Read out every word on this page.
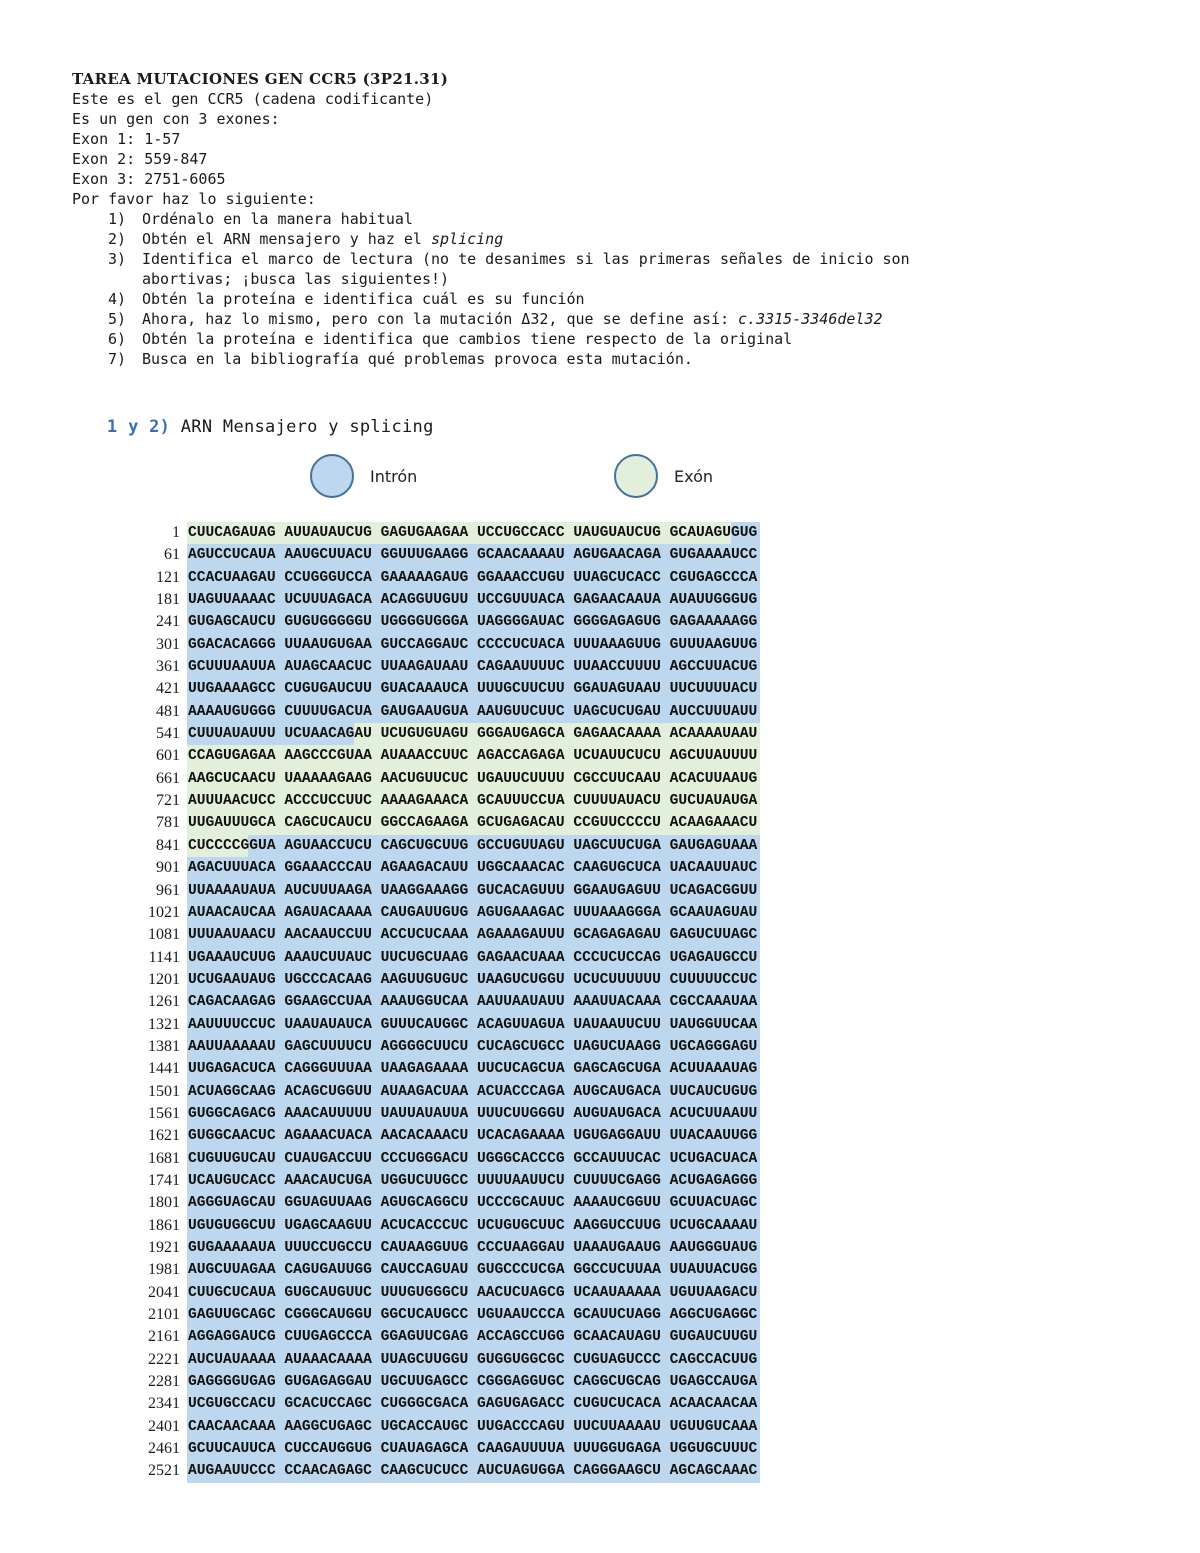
TAREA MUTACIONES GEN CCR5 (3P21.31)
Este es el gen CCR5 (cadena codificante)
Es un gen con 3 exones:
Exon 1: 1-57
Exon 2: 559-847
Exon 3: 2751-6065
Por favor haz lo siguiente:
1) Ordénalo en la manera habitual
2) Obtén el ARN mensajero y haz el splicing
3) Identifica el marco de lectura (no te desanimes si las primeras señales de inicio son
abortivas; ¡busca las siguientes!)
4) Obtén la proteína e identifica cuál es su función
5) Ahora, haz lo mismo, pero con la mutación Δ32, que se define así: c.3315-3346del32
6) Obtén la proteína e identifica que cambios tiene respecto de la original
7) Busca en la bibliografía qué problemas provoca esta mutación.
1 y 2) ARN Mensajero y splicing
Intrón	Exón
1 CUUCAGAUAG AUUAUAUCUG GAGUGAAGAA UCCUGCCACC UAUGUAUCUG GCAUAGUGUG
61 AGUCCUCAUA AAUGCUUACU GGUUUGAAGG GCAACAAAAU AGUGAACAGA GUGAAAAUCC
121 CCACUAAGAU CCUGGGUCCA GAAAAAGAUG GGAAACCUGU UUAGCUCACC CGUGAGCCCA
181 UAGUUAAAAC UCUUUAGACA ACAGGUUGUU UCCGUUUACA GAGAACAAUA AUAUUGGGUG
241 GUGAGCAUCU GUGUGGGGGU UGGGGUGGGA UAGGGGAUAC GGGGAGAGUG GAGAAAAAGG
301 GGACACAGGG UUAAUGUGAA GUCCAGGAUC CCCCUCUACA UUUAAAGUUG GUUUAAGUUG
361 GCUUUAAUUA AUAGCAACUC UUAAGAUAAU CAGAAUUUUC UUAACCUUUU AGCCUUACUG
421 UUGAAAAGCC CUGUGAUCUU GUACAAAUCA UUUGCUUCUU GGAUAGUAAU UUCUUUUACU
481 AAAAUGUGGG CUUUUGACUA GAUGAAUGUA AAUGUUCUUC UAGCUCUGAU AUCCUUUAUU
541 CUUUAUAUUU UCUAACAGAU UCUGUGUAGU GGGAUGAGCA GAGAACAAAA ACAAAAUAAU
601 CCAGUGAGAA AAGCCCGUAA AUAAACCUUC AGACCAGAGA UCUAUUCUCU AGCUUAUUUU
661 AAGCUCAACU UAAAAAGAAG AACUGUUCUC UGAUUCUUUU CGCCUUCAAU ACACUUAAUG
721 AUUUAACUCC ACCCUCCUUC AAAAGAAACA GCAUUUCCUA CUUUUAUACU GUCUAUAUGA
781 UUGAUUUGCA CAGCUCAUCU GGCCAGAAGA GCUGAGACAU CCGUUCCCCU ACAAGAAACU
841 CUCCCCGGUA AGUAACCUCU CAGCUGCUUG GCCUGUUAGU UAGCUUCUGA GAUGAGUAAA
901 AGACUUUACA GGAAACCCAU AGAAGACAUU UGGCAAACAC CAAGUGCUCA UACAAUUAUC
961 UUAAAAUAUA AUCUUUAAGA UAAGGAAAGG GUCACAGUUU GGAAUGAGUU UCAGACGGUU
1021 AUAACAUCAA AGAUACAAAA CAUGAUUGUG AGUGAAAGAC UUUAAAGGGA GCAAUAGUAU
1081 UUUAAUAACU AACAAUCCUU ACCUCUCAAA AGAAAGAUUU GCAGAGAGAU GAGUCUUAGC
1141 UGAAAUCUUG AAAUCUUAUC UUCUGCUAAG GAGAACUAAA CCCUCUCCAG UGAGAUGCCU
1201 UCUGAAUAUG UGCCCACAAG AAGUUGUGUC UAAGUCUGGU UCUCUUUUUU CUUUUUCCUC
1261 CAGACAAGAG GGAAGCCUAA AAAUGGUCAA AAUUAAUAUU AAAUUACAAA CGCCAAAUAA
1321 AAUUUUCCUC UAAUAUAUCA GUUUCAUGGC ACAGUUAGUA UAUAAUUCUU UAUGGUUCAA
1381 AAUUAAAAAU GAGCUUUUCU AGGGGCUUCU CUCAGCUGCC UAGUCUAAGG UGCAGGGAGU
1441 UUGAGACUCA CAGGGUUUAA UAAGAGAAAA UUCUCAGCUA GAGCAGCUGA ACUUAAAUAG
1501 ACUAGGCAAG ACAGCUGGUU AUAAGACUAA ACUACCCAGA AUGCAUGACA UUCAUCUGUG
1561 GUGGCAGACG AAACAUUUUU UAUUAUAUUA UUUCUUGGGU AUGUAUGACA ACUCUUAAUU
1621 GUGGCAACUC AGAAACUACA AACACAAACU UCACAGAAAA UGUGAGGAUU UUACAAUUGG
1681 CUGUUGUCAU CUAUGACCUU CCCUGGGACU UGGGCACCCG GCCAUUUCAC UCUGACUACA
1741 UCAUGUCACC AAACAUCUGA UGGUCUUGCC UUUUAAUUCU CUUUUCGAGG ACUGAGAGGG
1801 AGGGUAGCAU GGUAGUUAAG AGUGCAGGCU UCCCGCAUUC AAAAUCGGUU GCUUACUAGC
1861 UGUGUGGCUU UGAGCAAGUU ACUCACCCUC UCUGUGCUUC AAGGUCCUUG UCUGCAAAAU
1921 GUGAAAAAUA UUUCCUGCCU CAUAAGGUUG CCCUAAGGAU UAAAUGAAUG AAUGGGUAUG
1981 AUGCUUAGAA CAGUGAUUGG CAUCCAGUAU GUGCCCUCGA GGCCUCUUAA UUAUUACUGG
2041 CUUGCUCAUA GUGCAUGUUC UUUGUGGGCU AACUCUAGCG UCAAUAAAAA UGUUAAGACU
2101 GAGUUGCAGC CGGGCAUGGU GGCUCAUGCC UGUAAUCCCA GCAUUCUAGG AGGCUGAGGC
2161 AGGAGGAUCG CUUGAGCCCA GGAGUUCGAG ACCAGCCUGG GCAACAUAGU GUGAUCUUGU
2221 AUCUAUAAAA AUAAACAAAA UUAGCUUGGU GUGGUGGCGC CUGUAGUCCC CAGCCACUUG
2281 GAGGGGUGAG GUGAGAGGAU UGCUUGAGCC CGGGAGGUGC CAGGCUGCAG UGAGCCAUGA
2341 UCGUGCCACU GCACUCCAGC CUGGGCGACA GAGUGAGACC CUGUCUCACA ACAACAACAA
2401 CAACAACAAA AAGGCUGAGC UGCACCAUGC UUGACCCAGU UUCUUAAAAU UGUUGUCAAA
2461 GCUUCAUUCA CUCCAUGGUG CUAUAGAGCA CAAGAUUUUA UUUGGUGAGA UGGUGCUUUC
2521 AUGAAUUCCC CCAACAGAGC CAAGCUCUCC AUCUAGUGGA CAGGGAAGCU AGCAGCAAAC
